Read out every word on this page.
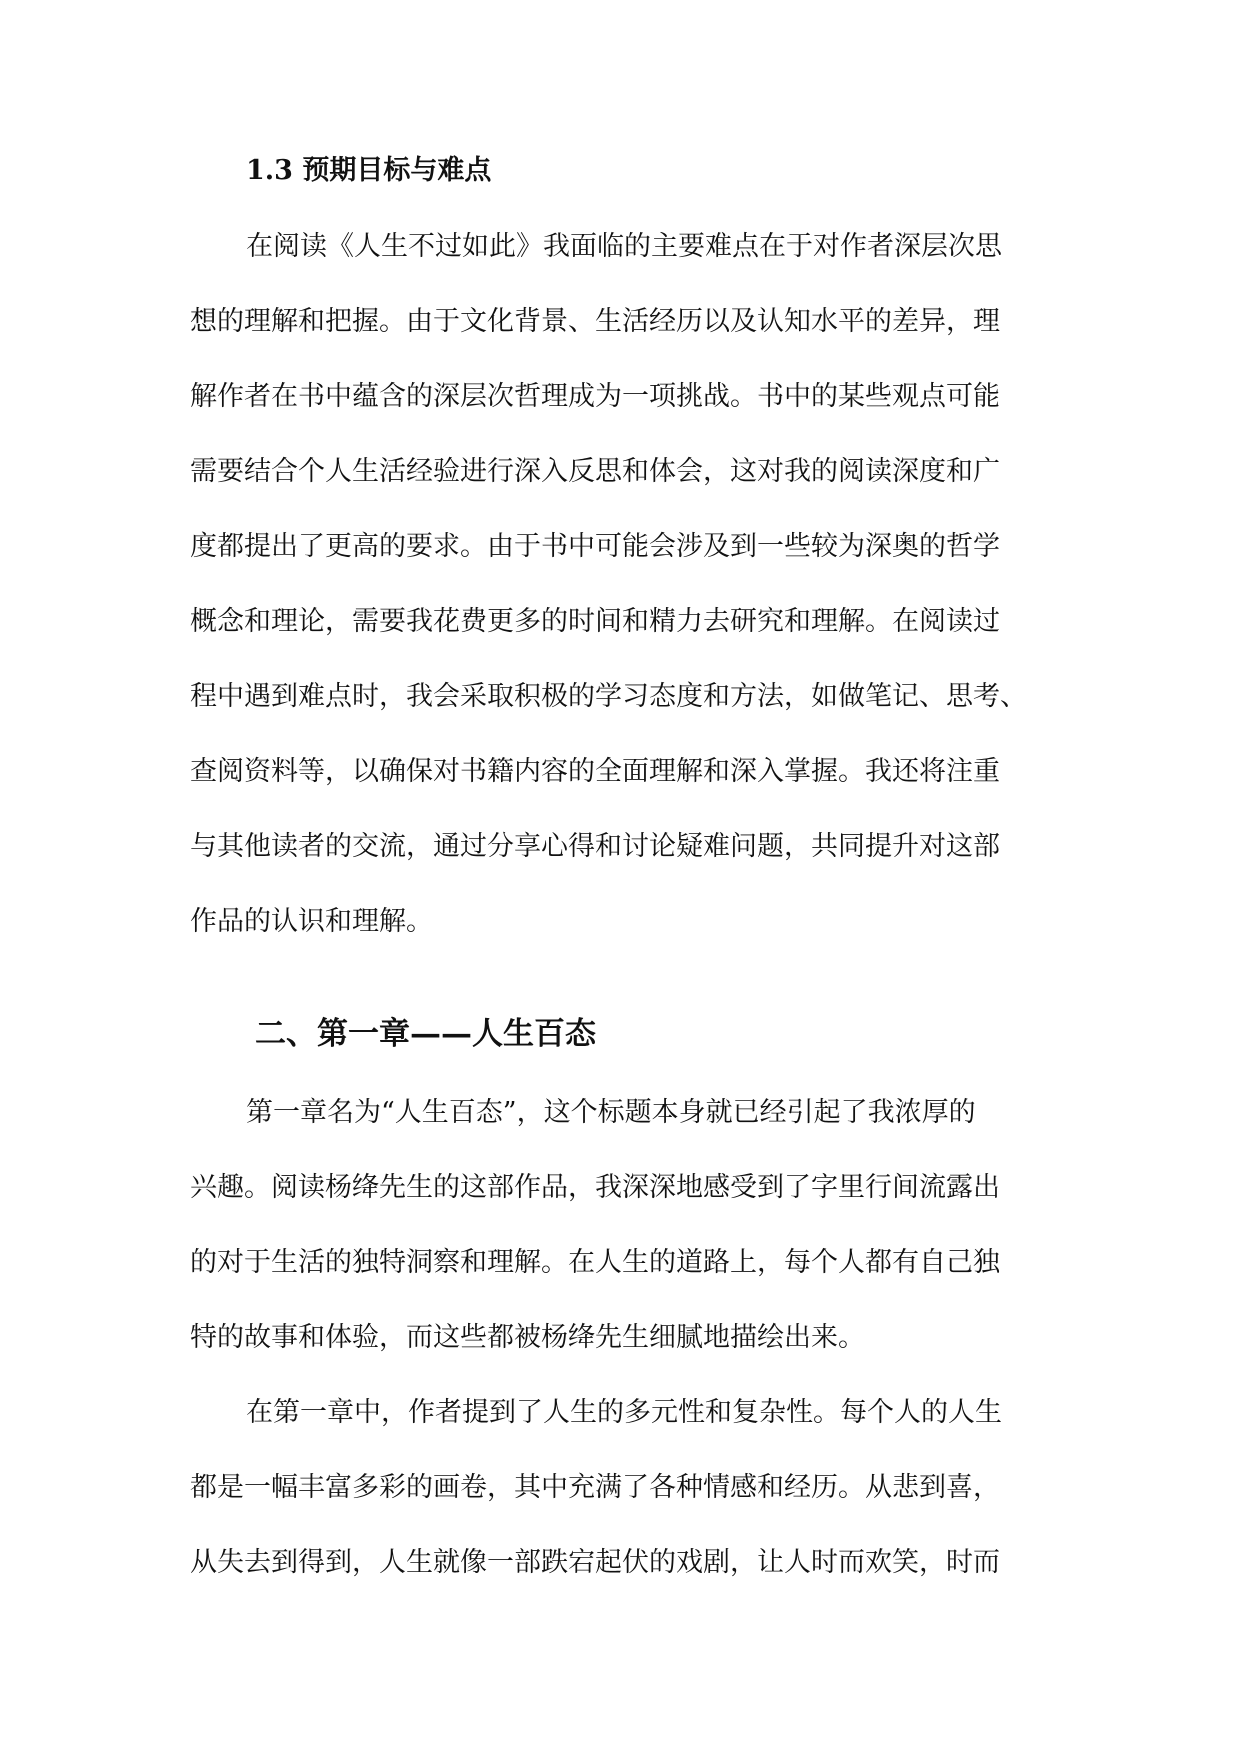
1.3 预期目标与难点
在阅读《人生不过如此》我面临的主要难点在于对作者深层次思
想的理解和把握。由于文化背景、生活经历以及认知水平的差异，理
解作者在书中蕴含的深层次哲理成为一项挑战。书中的某些观点可能
需要结合个人生活经验进行深入反思和体会，这对我的阅读深度和广
度都提出了更高的要求。由于书中可能会涉及到一些较为深奥的哲学
概念和理论，需要我花费更多的时间和精力去研究和理解。在阅读过
程中遇到难点时，我会采取积极的学习态度和方法，如做笔记、思考、
查阅资料等，以确保对书籍内容的全面理解和深入掌握。我还将注重
与其他读者的交流，通过分享心得和讨论疑难问题，共同提升对这部
作品的认识和理解。
二、第一章——人生百态
第一章名为“人生百态”，这个标题本身就已经引起了我浓厚的
兴趣。阅读杨绛先生的这部作品，我深深地感受到了字里行间流露出
的对于生活的独特洞察和理解。在人生的道路上，每个人都有自己独
特的故事和体验，而这些都被杨绛先生细腻地描绘出来。
在第一章中，作者提到了人生的多元性和复杂性。每个人的人生
都是一幅丰富多彩的画卷，其中充满了各种情感和经历。从悲到喜，
从失去到得到，人生就像一部跌宕起伏的戏剧，让人时而欢笑，时而
